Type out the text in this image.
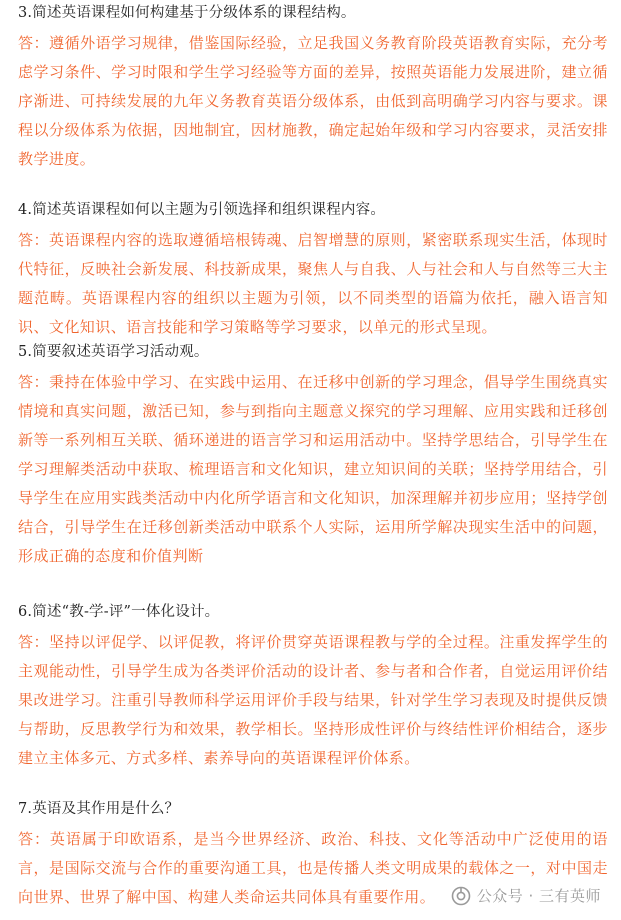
3.简述英语课程如何构建基于分级体系的课程结构。
答：遵循外语学习规律，借鉴国际经验，立足我国义务教育阶段英语教育实际，充分考虑学习条件、学习时限和学生学习经验等方面的差异，按照英语能力发展进阶，建立循序渐进、可持续发展的九年义务教育英语分级体系，由低到高明确学习内容与要求。课程以分级体系为依据，因地制宜，因材施教，确定起始年级和学习内容要求，灵活安排教学进度。
4.简述英语课程如何以主题为引领选择和组织课程内容。
答：英语课程内容的选取遵循培根铸魂、启智增慧的原则，紧密联系现实生活，体现时代特征，反映社会新发展、科技新成果，聚焦人与自我、人与社会和人与自然等三大主题范畴。英语课程内容的组织以主题为引领，以不同类型的语篇为依托，融入语言知识、文化知识、语言技能和学习策略等学习要求，以单元的形式呈现。
5.简要叙述英语学习活动观。
答：秉持在体验中学习、在实践中运用、在迁移中创新的学习理念，倡导学生围绕真实情境和真实问题，激活已知，参与到指向主题意义探究的学习理解、应用实践和迁移创新等一系列相互关联、循环递进的语言学习和运用活动中。坚持学思结合，引导学生在学习理解类活动中获取、梳理语言和文化知识，建立知识间的关联；坚持学用结合，引导学生在应用实践类活动中内化所学语言和文化知识，加深理解并初步应用；坚持学创结合，引导学生在迁移创新类活动中联系个人实际，运用所学解决现实生活中的问题，形成正确的态度和价值判断
6.简述“教-学-评”一体化设计。
答：坚持以评促学、以评促教，将评价贯穿英语课程教与学的全过程。注重发挥学生的主观能动性，引导学生成为各类评价活动的设计者、参与者和合作者，自觉运用评价结果改进学习。注重引导教师科学运用评价手段与结果，针对学生学习表现及时提供反馈与帮助，反思教学行为和效果，教学相长。坚持形成性评价与终结性评价相结合，逐步建立主体多元、方式多样、素养导向的英语课程评价体系。
7.英语及其作用是什么？
答：英语属于印欧语系，是当今世界经济、政治、科技、文化等活动中广泛使用的语言，是国际交流与合作的重要沟通工具，也是传播人类文明成果的载体之一，对中国走向世界、世界了解中国、构建人类命运共同体具有重要作用。	公众号 · 三有英师
